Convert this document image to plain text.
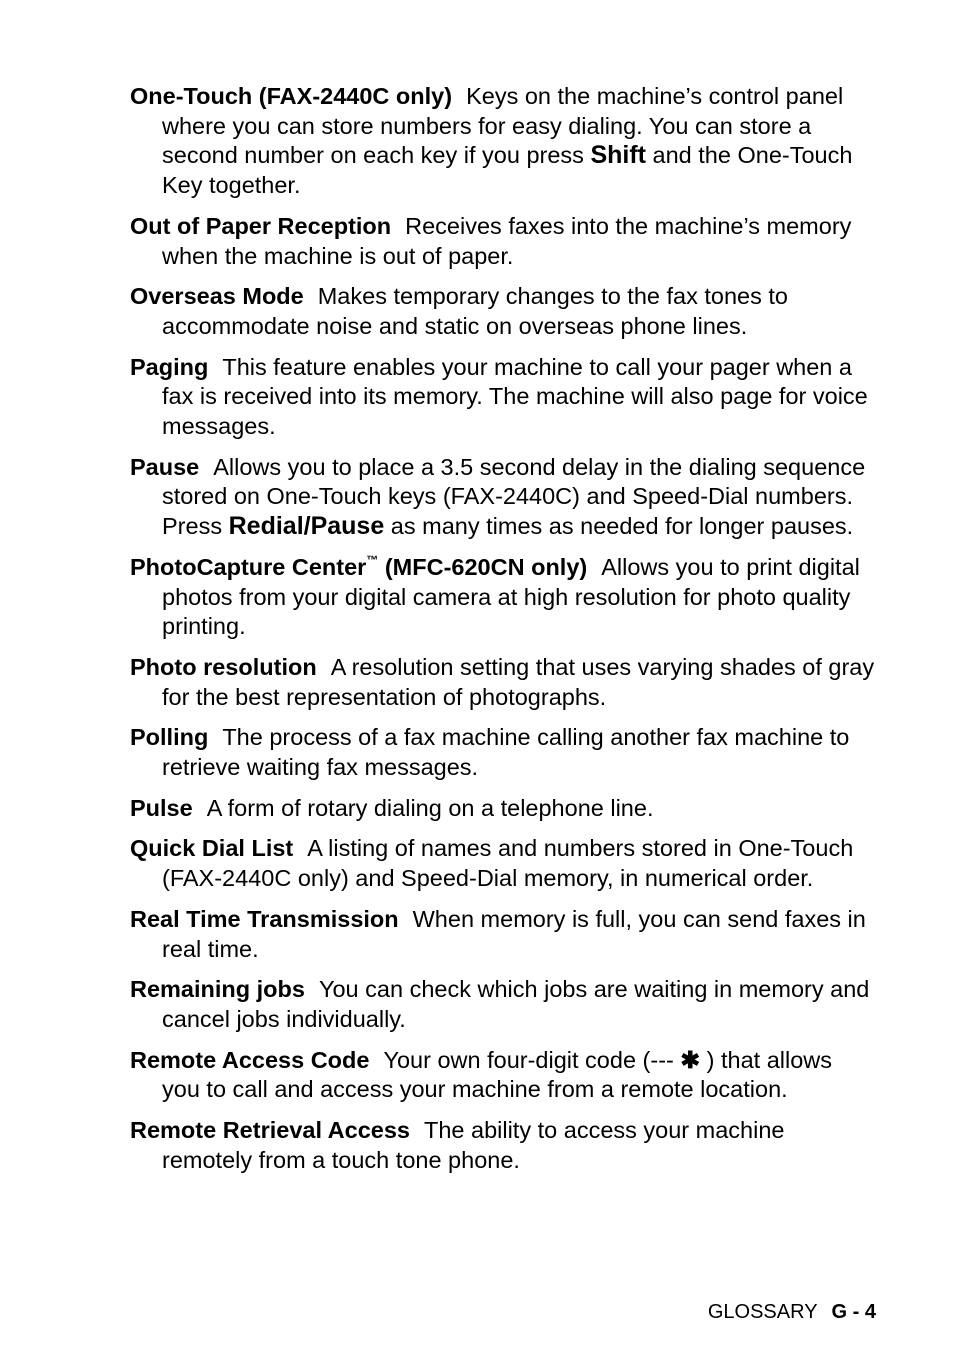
One-Touch (FAX-2440C only) Keys on the machine’s control panel where you can store numbers for easy dialing. You can store a second number on each key if you press Shift and the One-Touch Key together.

Out of Paper Reception Receives faxes into the machine’s memory when the machine is out of paper.

Overseas Mode Makes temporary changes to the fax tones to accommodate noise and static on overseas phone lines.

Paging This feature enables your machine to call your pager when a fax is received into its memory. The machine will also page for voice messages.

Pause Allows you to place a 3.5 second delay in the dialing sequence stored on One-Touch keys (FAX-2440C) and Speed-Dial numbers. Press Redial/Pause as many times as needed for longer pauses.

PhotoCapture Center™ (MFC-620CN only) Allows you to print digital photos from your digital camera at high resolution for photo quality printing.

Photo resolution A resolution setting that uses varying shades of gray for the best representation of photographs.

Polling The process of a fax machine calling another fax machine to retrieve waiting fax messages.

Pulse A form of rotary dialing on a telephone line.

Quick Dial List A listing of names and numbers stored in One-Touch (FAX-2440C only) and Speed-Dial memory, in numerical order.

Real Time Transmission When memory is full, you can send faxes in real time.

Remaining jobs You can check which jobs are waiting in memory and cancel jobs individually.

Remote Access Code Your own four-digit code (--- ✱ ) that allows you to call and access your machine from a remote location.

Remote Retrieval Access The ability to access your machine remotely from a touch tone phone.

GLOSSARY G - 4
